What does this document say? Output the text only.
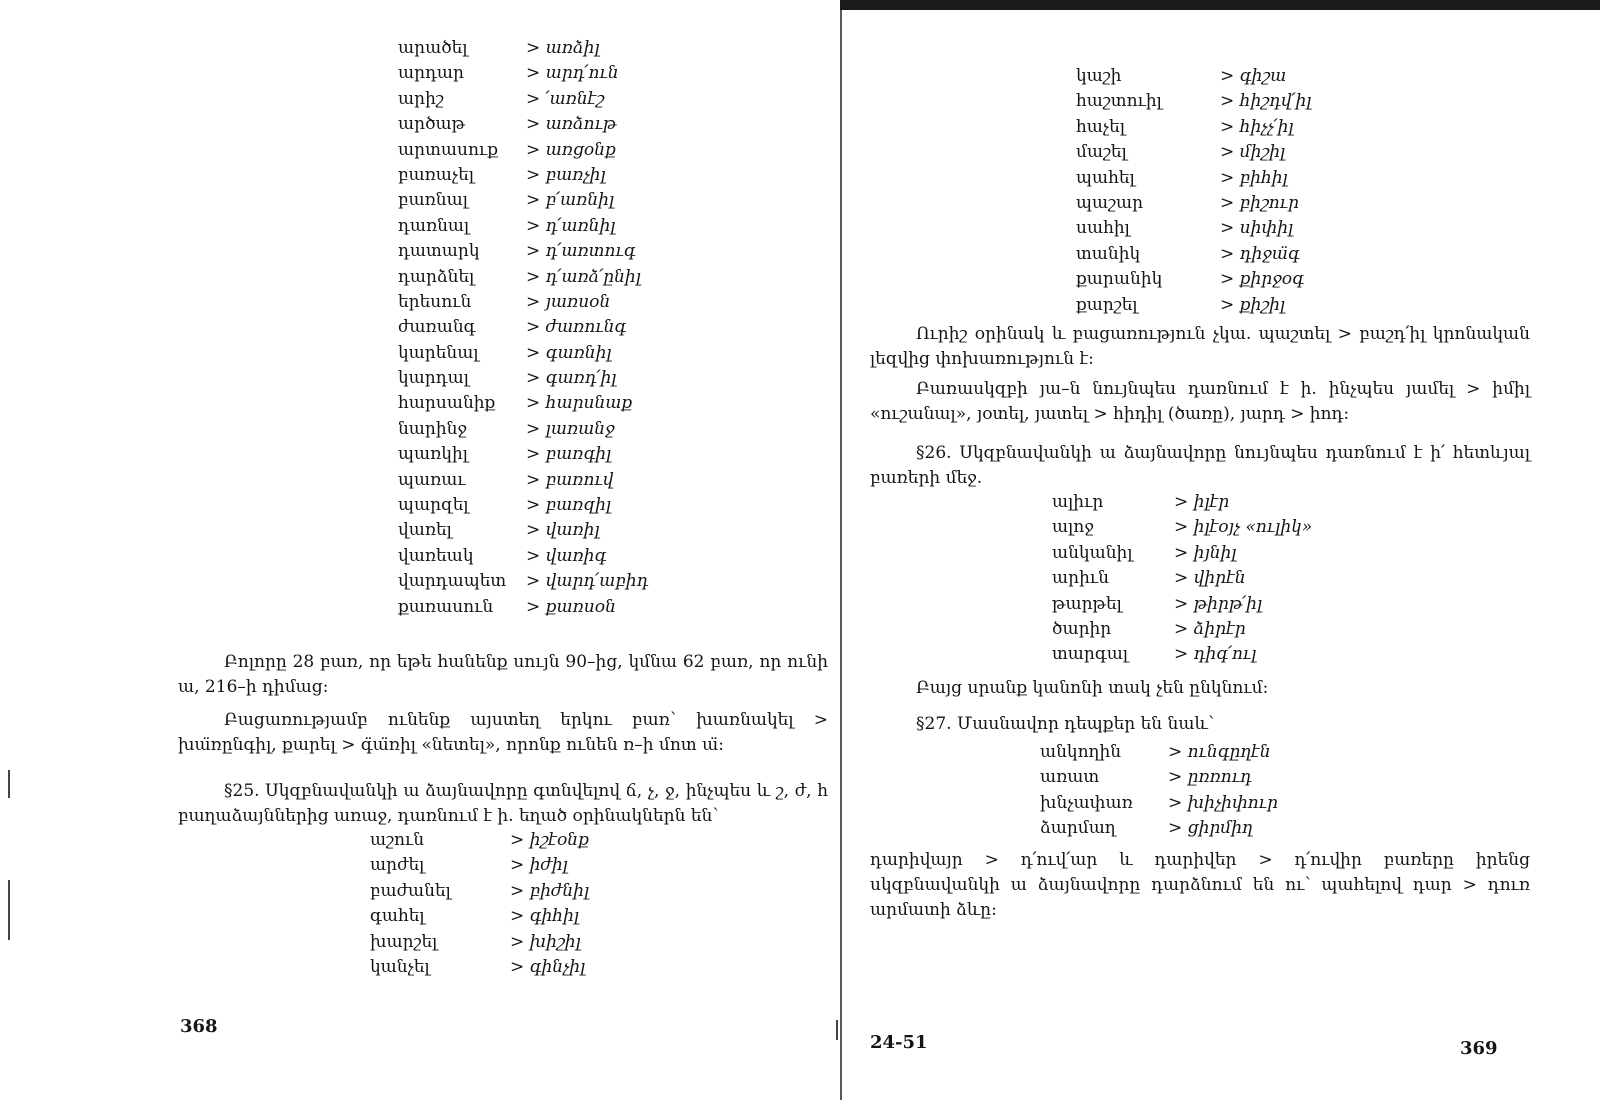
արածել	> առձիլ
արդար	> արդ՛ուն
արիշ	> ՛առնէշ
արծաթ	> առձութ
արտասուք > առցօնք
բառաչել	> բառչիլ
բառնալ	> բ՛առնիլ
դառնալ	> դ՛առնիլ
դատարկ	> դ՛առտուգ
դարձնել	> դ՛առձ՛ընիլ
երեսուն	> յառսօն
ժառանգ	> ժառունգ
կարենալ	> գառնիլ
կարդալ	> գառդ՛իլ
հարսանիք > հարսնաք
նարինջ	> լառանջ
պառկիլ	> բառգիլ
պառաւ	> բառուվ
պարզել	> բառզիլ
վառել	> վառիլ
վառեակ	> վառիգ
վարդապետ > վարդ՛աբիդ
քառասուն > քառսօն

Բոլորը 28 բառ, որ եթե հանենք սույն 90–ից, կմնա 62 բառ, որ ունի ա, 216–ի դիմաց:

Բացառությամբ ունենք այստեղ երկու բառ՝ խառնակել > խա̈ռընգիլ, քարել > գ̈ա̈ռիլ «նետել», որոնք ունեն ռ–ի մոտ ա̈:

§25. Սկզբնավանկի ա ձայնավորը գտնվելով ճ, չ, ջ, ինչպես և շ, ժ, հ բաղաձայններից առաջ, դառնում է ի. եղած օրինակներն են՝

աշուն	> իշէօնք
արժել	> իժիլ
բաժանել	> բիժնիլ
գահել	> գիհիլ
խարշել	> խիշիլ
կանչել	> գինչիլ
368
կաշի	> գիշա
հաշտուիլ	> հիշդվ՛իլ
հաչել	> հիչչ՛իլ
մաշել	> միշիլ
պահել	> բիհիլ
պաշար	> բիշուր
սահիլ	> սիփիլ
տանիկ	> դիջա̈գ
քարանիկ	> քիրջօգ
քարշել	> քիշիլ

Ուրիշ օրինակ և բացառություն չկա. պաշտել > բաշդ՛իլ կրոնական լեզվից փոխառություն է:

Բառասկզբի յա–ն նույնպես դառնում է ի. ինչպես յամել > իմիլ «ուշանալ», յօտել, յատել > հիդիլ (ծառը), յարդ > իոդ:

§26. Սկզբնավանկի ա ձայնավորը նույնպես դառնում է ի՛ հետևյալ բառերի մեջ.

ալիւր	> իլէր
ալոջ	> իլէօյչ «ուլիկ»
անկանիլ > իյնիլ
արիւն	> վիրէն
թարթել	> թիրթ՛իլ
ծարիր	> ձիրէր
տարգալ	> դիգ՛ուլ

Բայց սրանք կանոնի տակ չեն ընկնում:

§27. Մասնավոր դեպքեր են նաև՝

անկողին	> ունգըղէն
առատ	> ըռռուդ
խնչափառ > խիչիփուր
ձարմաղ	> ցիրմիղ

դարիվայր > դ՛ուվ՛ար և դարիվեր > դ՛ուվիր բառերը իրենց սկզբնավանկի ա ձայնավորը դարձնում են ու՝ պահելով դար > դուռ արմատի ձևը:

24-51	369
